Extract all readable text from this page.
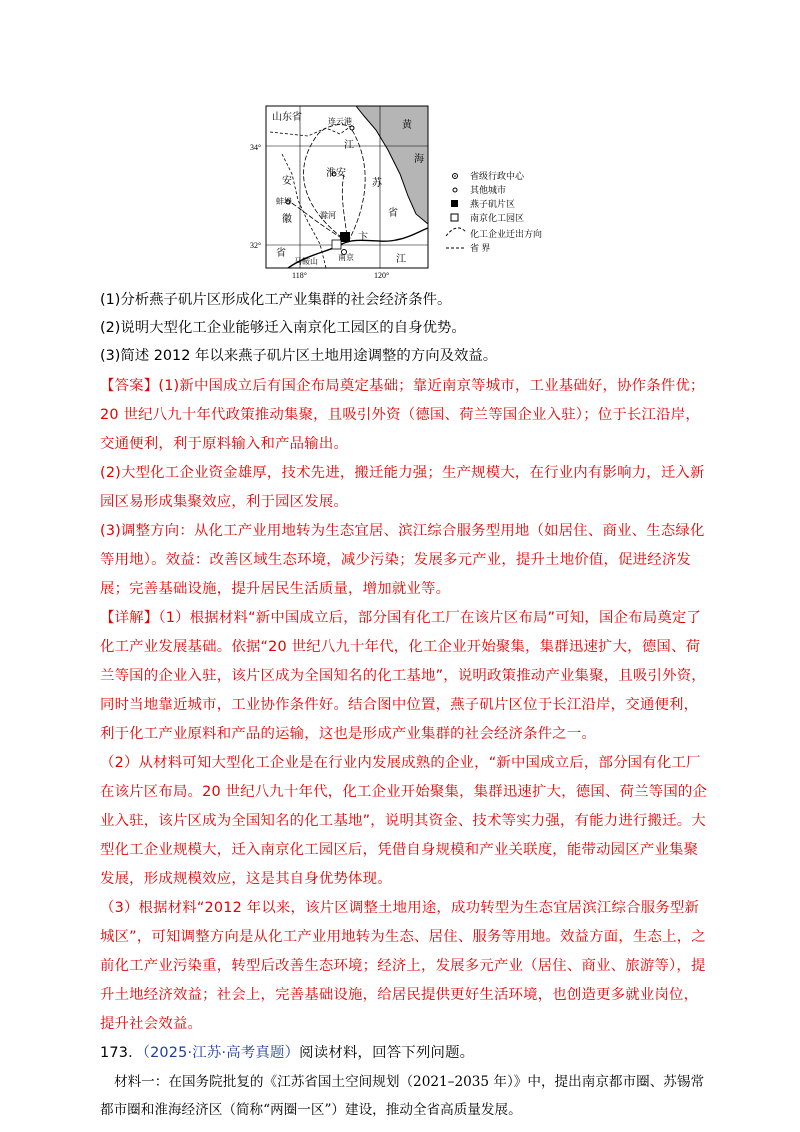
山东省	连云港	黄
海
江
苏
淮安
安
徽
蚌埠
滁河
省
省
江
卞
南京
马鞍山
34°
32°
118°	120°
省级行政中心
其他城市
燕子矶片区
南京化工园区
化工企业迁出方向
省 界

(1)分析燕子矶片区形成化工产业集群的社会经济条件。

(2)说明大型化工企业能够迁入南京化工园区的自身优势。

(3)简述 2012 年以来燕子矶片区土地用途调整的方向及效益。

【答案】(1)新中国成立后有国企布局奠定基础；靠近南京等城市，工业基础好，协作条件优；20 世纪八九十年代政策推动集聚，且吸引外资（德国、荷兰等国企业入驻）；位于长江沿岸，交通便利，利于原料输入和产品输出。

(2)大型化工企业资金雄厚，技术先进，搬迁能力强；生产规模大，在行业内有影响力，迁入新园区易形成集聚效应，利于园区发展。

(3)调整方向：从化工产业用地转为生态宜居、滨江综合服务型用地（如居住、商业、生态绿化等用地）。效益：改善区域生态环境，减少污染；发展多元产业，提升土地价值，促进经济发展；完善基础设施，提升居民生活质量，增加就业等。

【详解】（1）根据材料“新中国成立后，部分国有化工厂在该片区布局”可知，国企布局奠定了化工产业发展基础。依据“20 世纪八九十年代，化工企业开始聚集，集群迅速扩大，德国、荷兰等国的企业入驻，该片区成为全国知名的化工基地”，说明政策推动产业集聚，且吸引外资，同时当地靠近城市，工业协作条件好。结合图中位置，燕子矶片区位于长江沿岸，交通便利，利于化工产业原料和产品的运输，这也是形成产业集群的社会经济条件之一。

（2）从材料可知大型化工企业是在行业内发展成熟的企业，“新中国成立后，部分国有化工厂在该片区布局。20 世纪八九十年代，化工企业开始聚集，集群迅速扩大，德国、荷兰等国的企业入驻，该片区成为全国知名的化工基地”，说明其资金、技术等实力强，有能力进行搬迁。大型化工企业规模大，迁入南京化工园区后，凭借自身规模和产业关联度，能带动园区产业集聚发展，形成规模效应，这是其自身优势体现。

（3）根据材料“2012 年以来，该片区调整土地用途，成功转型为生态宜居滨江综合服务型新城区”，可知调整方向是从化工产业用地转为生态、居住、服务等用地。效益方面，生态上，之前化工产业污染重，转型后改善生态环境；经济上，发展多元产业（居住、商业、旅游等），提升土地经济效益；社会上，完善基础设施，给居民提供更好生活环境，也创造更多就业岗位，提升社会效益。

173．（2025·江苏·高考真题）阅读材料，回答下列问题。

材料一：在国务院批复的《江苏省国土空间规划（2021–2035 年）》中，提出南京都市圈、苏锡常都市圈和淮海经济区（简称“两圈一区”）建设，推动全省高质量发展。
